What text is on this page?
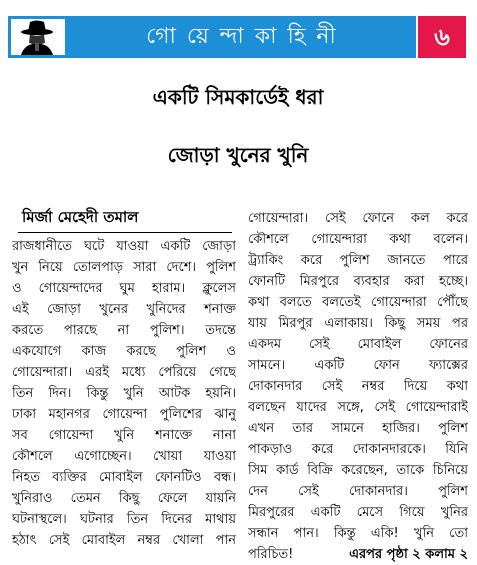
গো য়ে ন্দা কা হি নী	৬
একটি সিমকার্ডেই ধরা
জোড়া খুনের খুনি
মির্জা মেহেদী তমাল
রাজধানীতে ঘটে যাওয়া একটি জোড়া
খুন নিয়ে তোলপাড় সারা দেশে। পুলিশ
ও গোয়েন্দাদের ঘুম হারাম। ক্লুলেস
এই জোড়া খুনের খুনিদের শনাক্ত
করতে পারছে না পুলিশ। তদন্তে
একযোগে কাজ করছে পুলিশ ও
গোয়েন্দারা। এরই মধ্যে পেরিয়ে গেছে
তিন দিন। কিন্তু খুনি আটক হয়নি।
ঢাকা মহানগর গোয়েন্দা পুলিশের ঝানু
সব গোয়েন্দা খুনি শনাক্তে নানা
কৌশলে এগোচ্ছেন। খোয়া যাওয়া
নিহত ব্যক্তির মোবাইল ফোনটিও বন্ধ।
খুনিরাও তেমন কিছু ফেলে যায়নি
ঘটনাস্থলে। ঘটনার তিন দিনের মাথায়
হঠাৎ সেই মোবাইল নম্বর খোলা পান
গোয়েন্দারা। সেই ফোনে কল করে
কৌশলে গোয়েন্দারা কথা বলেন।
ট্র্যাকিং করে পুলিশ জানতে পারে
ফোনটি মিরপুরে ব্যবহার করা হচ্ছে।
কথা বলতে বলতেই গোয়েন্দারা পৌঁছে
যায় মিরপুর এলাকায়। কিছু সময় পর
একদম সেই মোবাইল ফোনের
সামনে। একটি ফোন ফ্যাক্সের
দোকানদার সেই নম্বর দিয়ে কথা
বলছেন যাদের সঙ্গে, সেই গোয়েন্দারাই
এখন তার সামনে হাজির। পুলিশ
পাকড়াও করে দোকানদারকে। যিনি
সিম কার্ড বিক্রি করেছেন, তাকে চিনিয়ে
দেন সেই দোকানদার। পুলিশ
মিরপুরের একটি মেসে গিয়ে খুনির
সন্ধান পান। কিন্তু একি! খুনি তো
পরিচিত!	এরপর পৃষ্ঠা ২ কলাম ২
